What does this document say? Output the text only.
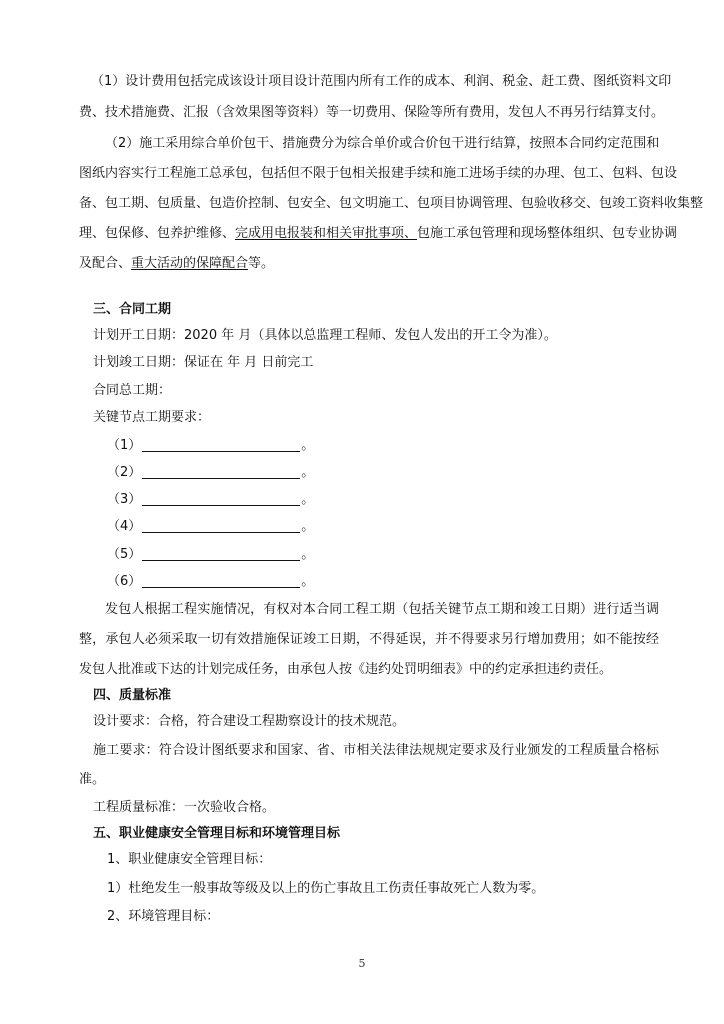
（1）设计费用包括完成该设计项目设计范围内所有工作的成本、利润、税金、赶工费、图纸资料文印
费、技术措施费、汇报（含效果图等资料）等一切费用、保险等所有费用，发包人不再另行结算支付。
（2）施工采用综合单价包干、措施费分为综合单价或合价包干进行结算，按照本合同约定范围和
图纸内容实行工程施工总承包，包括但不限于包相关报建手续和施工进场手续的办理、包工、包料、包设
备、包工期、包质量、包造价控制、包安全、包文明施工、包项目协调管理、包验收移交、包竣工资料收集整
理、包保修、包养护维修、完成用电报装和相关审批事项、包施工承包管理和现场整体组织、包专业协调
及配合、重大活动的保障配合等。
三、合同工期
计划开工日期：2020 年 月（具体以总监理工程师、发包人发出的开工令为准）。
计划竣工日期：保证在 年 月 日前完工
合同总工期：
关键节点工期要求：
（1）	。
（2）	。
（3）	。
（4）	。
（5）	。
（6）	。
发包人根据工程实施情况，有权对本合同工程工期（包括关键节点工期和竣工日期）进行适当调
整，承包人必须采取一切有效措施保证竣工日期，不得延误，并不得要求另行增加费用；如不能按经
发包人批准或下达的计划完成任务，由承包人按《违约处罚明细表》中的约定承担违约责任。
四、质量标准
设计要求：合格，符合建设工程勘察设计的技术规范。
施工要求：符合设计图纸要求和国家、省、市相关法律法规规定要求及行业颁发的工程质量合格标
准。
工程质量标准：一次验收合格。
五、职业健康安全管理目标和环境管理目标
1、职业健康安全管理目标：
1）杜绝发生一般事故等级及以上的伤亡事故且工伤责任事故死亡人数为零。
2、环境管理目标：
5
